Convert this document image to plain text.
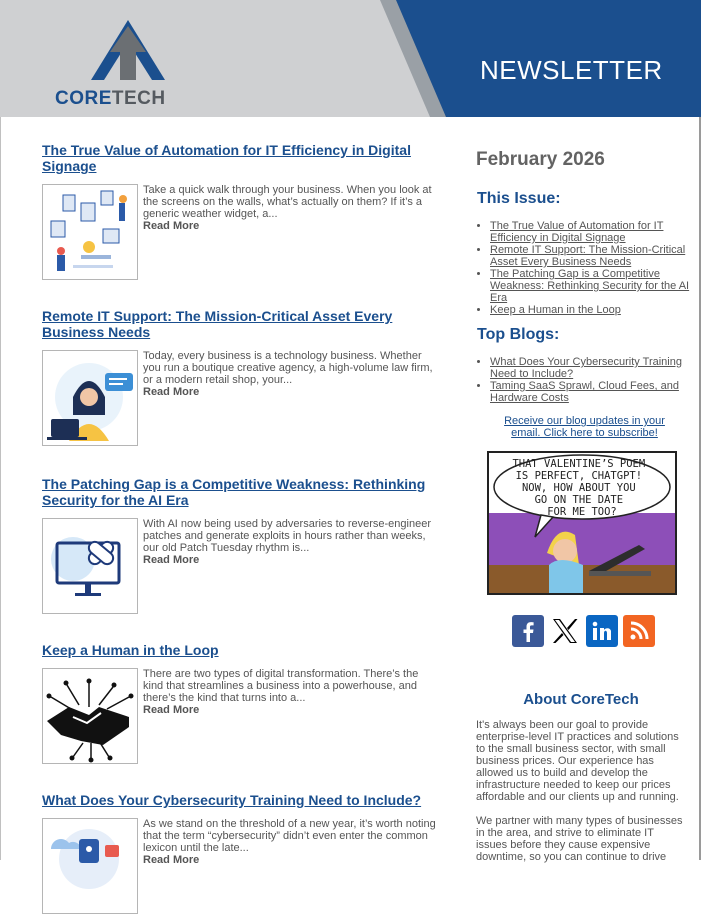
CORETECH
NEWSLETTER
The True Value of Automation for IT Efficiency in Digital Signage
Take a quick walk through your business. When you look at the screens on the walls, what’s actually on them? If it’s a generic weather widget, a...
Read More
Remote IT Support: The Mission-Critical Asset Every Business Needs
Today, every business is a technology business. Whether you run a boutique creative agency, a high-volume law firm, or a modern retail shop, your...
Read More
The Patching Gap is a Competitive Weakness: Rethinking Security for the AI Era
With AI now being used by adversaries to reverse-engineer patches and generate exploits in hours rather than weeks, our old Patch Tuesday rhythm is...
Read More
Keep a Human in the Loop
There are two types of digital transformation. There’s the kind that streamlines a business into a powerhouse, and there’s the kind that turns into a...
Read More
What Does Your Cybersecurity Training Need to Include?
As we stand on the threshold of a new year, it’s worth noting that the term “cybersecurity” didn’t even enter the common lexicon until the late...
Read More
February 2026
This Issue:
• The True Value of Automation for IT Efficiency in Digital Signage
• Remote IT Support: The Mission-Critical Asset Every Business Needs
• The Patching Gap is a Competitive Weakness: Rethinking Security for the AI Era
• Keep a Human in the Loop
Top Blogs:
• What Does Your Cybersecurity Training Need to Include?
• Taming SaaS Sprawl, Cloud Fees, and Hardware Costs
Receive our blog updates in your email. Click here to subscribe!
THAT VALENTINE’S POEM IS PERFECT, CHATGPT! NOW, HOW ABOUT YOU GO ON THE DATE FOR ME TOO?
About CoreTech

It's always been our goal to provide enterprise-level IT practices and solutions to the small business sector, with small business prices. Our experience has allowed us to build and develop the infrastructure needed to keep our prices affordable and our clients up and running.

We partner with many types of businesses in the area, and strive to eliminate IT issues before they cause expensive downtime, so you can continue to drive
